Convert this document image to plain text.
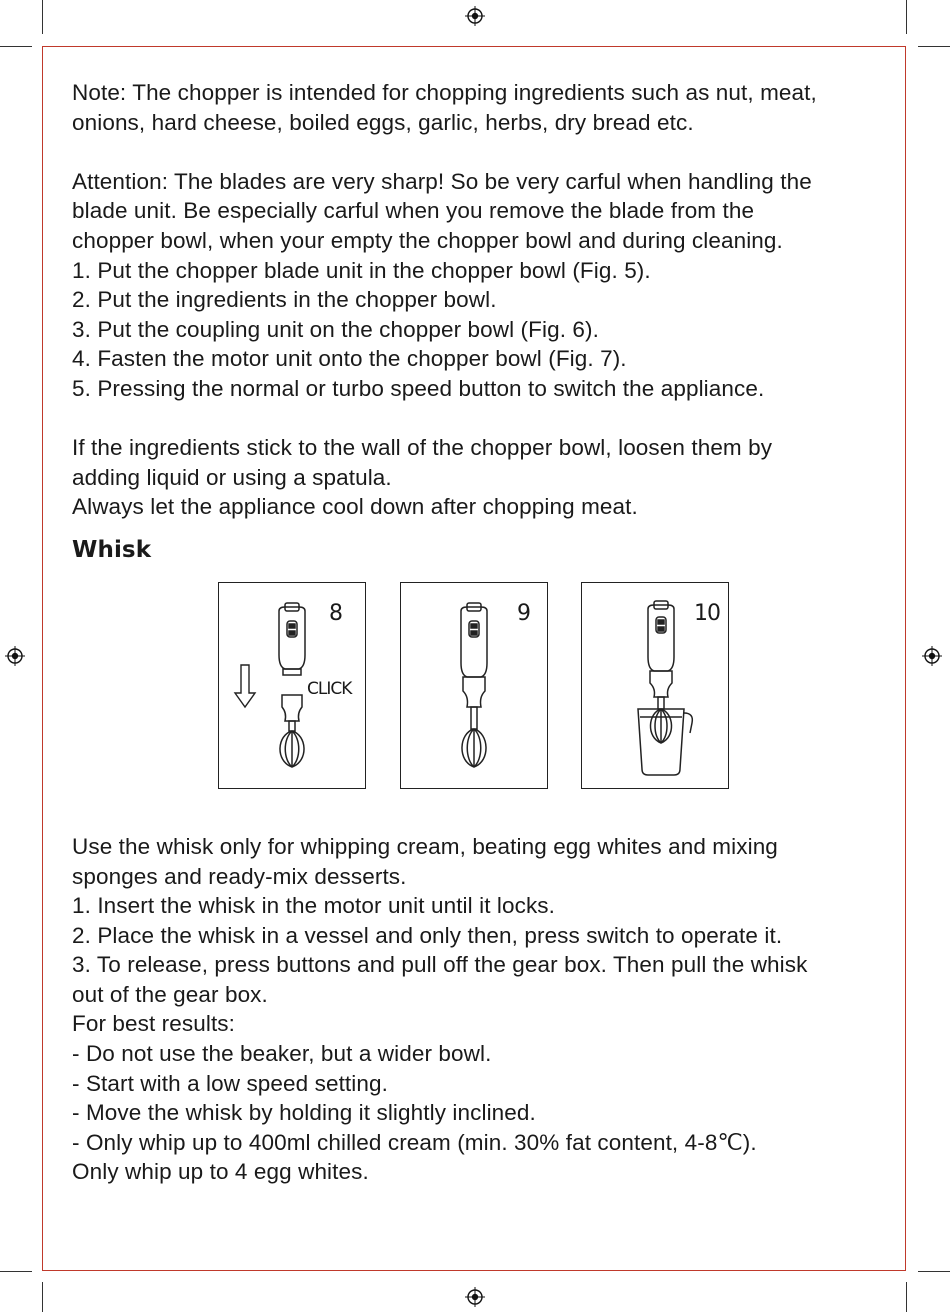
Note: The chopper is intended for chopping ingredients such as nut, meat,

onions, hard cheese, boiled eggs, garlic, herbs, dry bread etc.

Attention: The blades are very sharp! So be very carful when handling the

blade unit. Be especially carful when you remove the blade from the

chopper bowl, when your empty the chopper bowl and during cleaning.

1. Put the chopper blade unit in the chopper bowl (Fig. 5).

2. Put the ingredients in the chopper bowl.

3. Put the coupling unit on the chopper bowl (Fig. 6).

4. Fasten the motor unit onto the chopper bowl (Fig. 7).

5. Pressing the normal or turbo speed button to switch the appliance.

If the ingredients stick to the wall of the chopper bowl, loosen them by

adding liquid or using a spatula.

Always let the appliance cool down after chopping meat.

Whisk
8
CLICK
9	10

Use the whisk only for whipping cream, beating egg whites and mixing

sponges and ready-mix desserts.

1. Insert the whisk in the motor unit until it locks.

2. Place the whisk in a vessel and only then, press switch to operate it.

3. To release, press buttons and pull off the gear box. Then pull the whisk

out of the gear box.

For best results:

- Do not use the beaker, but a wider bowl.

- Start with a low speed setting.

- Move the whisk by holding it slightly inclined.

- Only whip up to 400ml chilled cream (min. 30% fat content, 4-8℃).

Only whip up to 4 egg whites.
